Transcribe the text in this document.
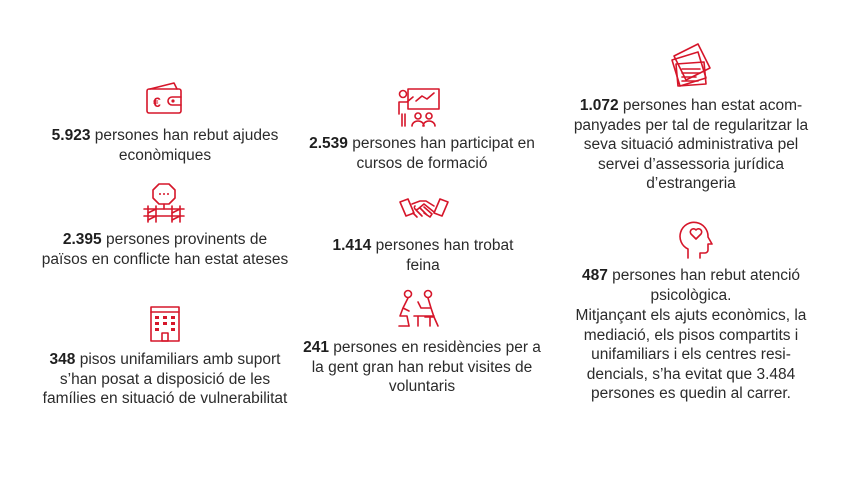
€
5.923 persones han rebut ajudes econòmiques
2.395 persones provinents de països en conflicte han estat ateses
348 pisos unifamiliars amb suport s’han posat a disposició de les famílies en situació de vulnerabilitat
2.539 persones han participat en cursos de formació
1.414 persones han trobat feina
241 persones en residències per a la gent gran han rebut visites de voluntaris
1.072 persones han estat acom-panyades per tal de regularitzar la seva situació administrativa pel servei d’assessoria jurídica d’estrangeria
487 persones han rebut atenció psicològica.
Mitjançant els ajuts econòmics, la mediació, els pisos compartits i unifamiliars i els centres resi-dencials, s’ha evitat que 3.484 persones es quedin al carrer.
